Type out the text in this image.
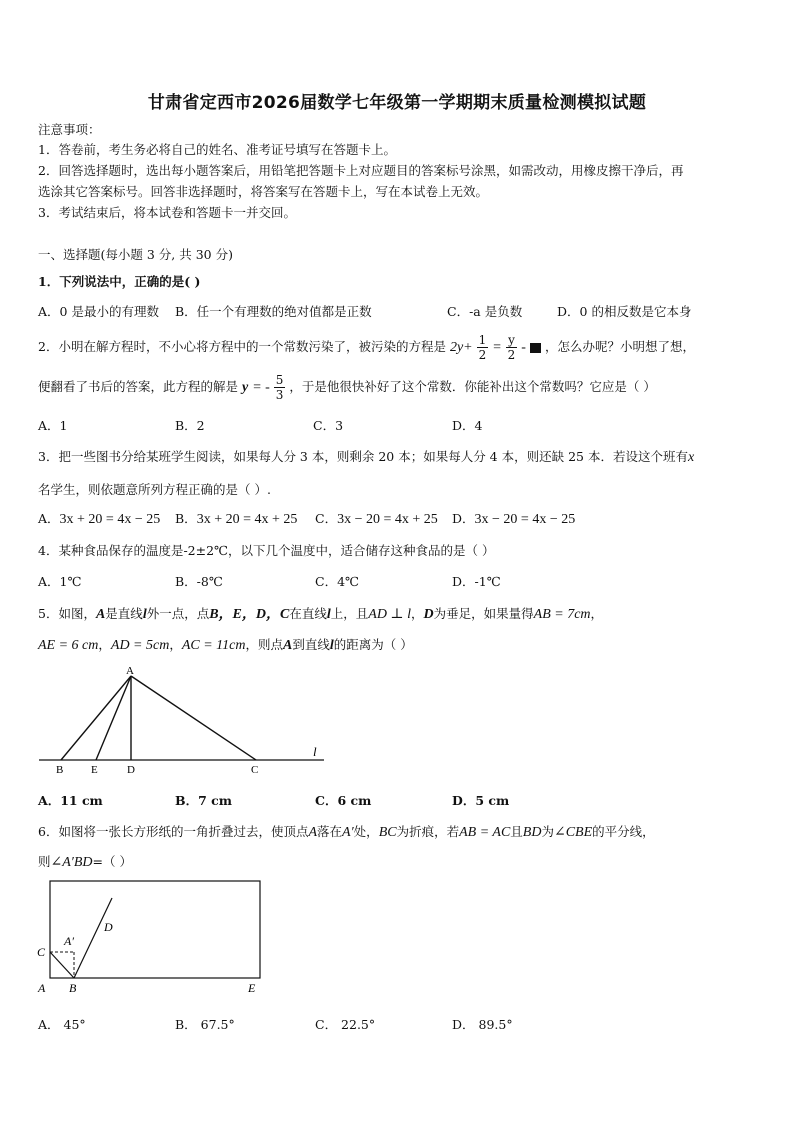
甘肃省定西市2026届数学七年级第一学期期末质量检测模拟试题
注意事项：
1．答卷前，考生务必将自己的姓名、准考证号填写在答题卡上。
2．回答选择题时，选出每小题答案后，用铅笔把答题卡上对应题目的答案标号涂黑，如需改动，用橡皮擦干净后，再
选涂其它答案标号。回答非选择题时，将答案写在答题卡上，写在本试卷上无效。
3．考试结束后，将本试卷和答题卡一并交回。
一、选择题(每小题 3 分, 共 30 分)
1．下列说法中，正确的是( )
A．0 是最小的有理数 B．任一个有理数的绝对值都是正数	C．-a 是负数	D．0 的相反数是它本身
2．小明在解方程时，不小心将方程中的一个常数污染了，被污染的方程是 $2y+ \frac{1}{2} = \frac{y}{2}$ - ，怎么办呢？小明想了想，
便翻看了书后的答案，此方程的解是 y = - $\frac{5}{3}$ ，于是他很快补好了这个常数．你能补出这个常数吗？它应是（ ）
A．1	B．2	C．3	D．4
3．把一些图书分给某班学生阅读，如果每人分 3 本，则剩余 20 本；如果每人分 4 本，则还缺 25 本．若设这个班有x
名学生，则依题意所列方程正确的是（ ）.
A．3x + 20 = 4x − 25 B．3x + 20 = 4x + 25 C．3x − 20 = 4x + 25 D．3x − 20 = 4x − 25
4．某种食品保存的温度是-2±2℃，以下几个温度中，适合储存这种食品的是（ ）
A．1℃	B．-8℃	C．4℃	D．-1℃
5．如图，A是直线l外一点，点B，E，D，C在直线l上，且AD ⊥ l，D为垂足，如果量得AB = 7cm，
AE = 6 cm，AD = 5cm，AC = 11cm，则点A到直线l的距离为（ ）
A
B	E	D	C
l
A．11 cm	B．7 cm	C．6 cm	D．5 cm
6．如图将一张长方形纸的一角折叠过去，使顶点A落在A′处，BC为折痕，若AB = AC且BD为∠CBE的平分线，
则∠A′BD=（ ）
C
A′
D
A B	E
A． 45°	B． 67.5°	C． 22.5°	D． 89.5°
